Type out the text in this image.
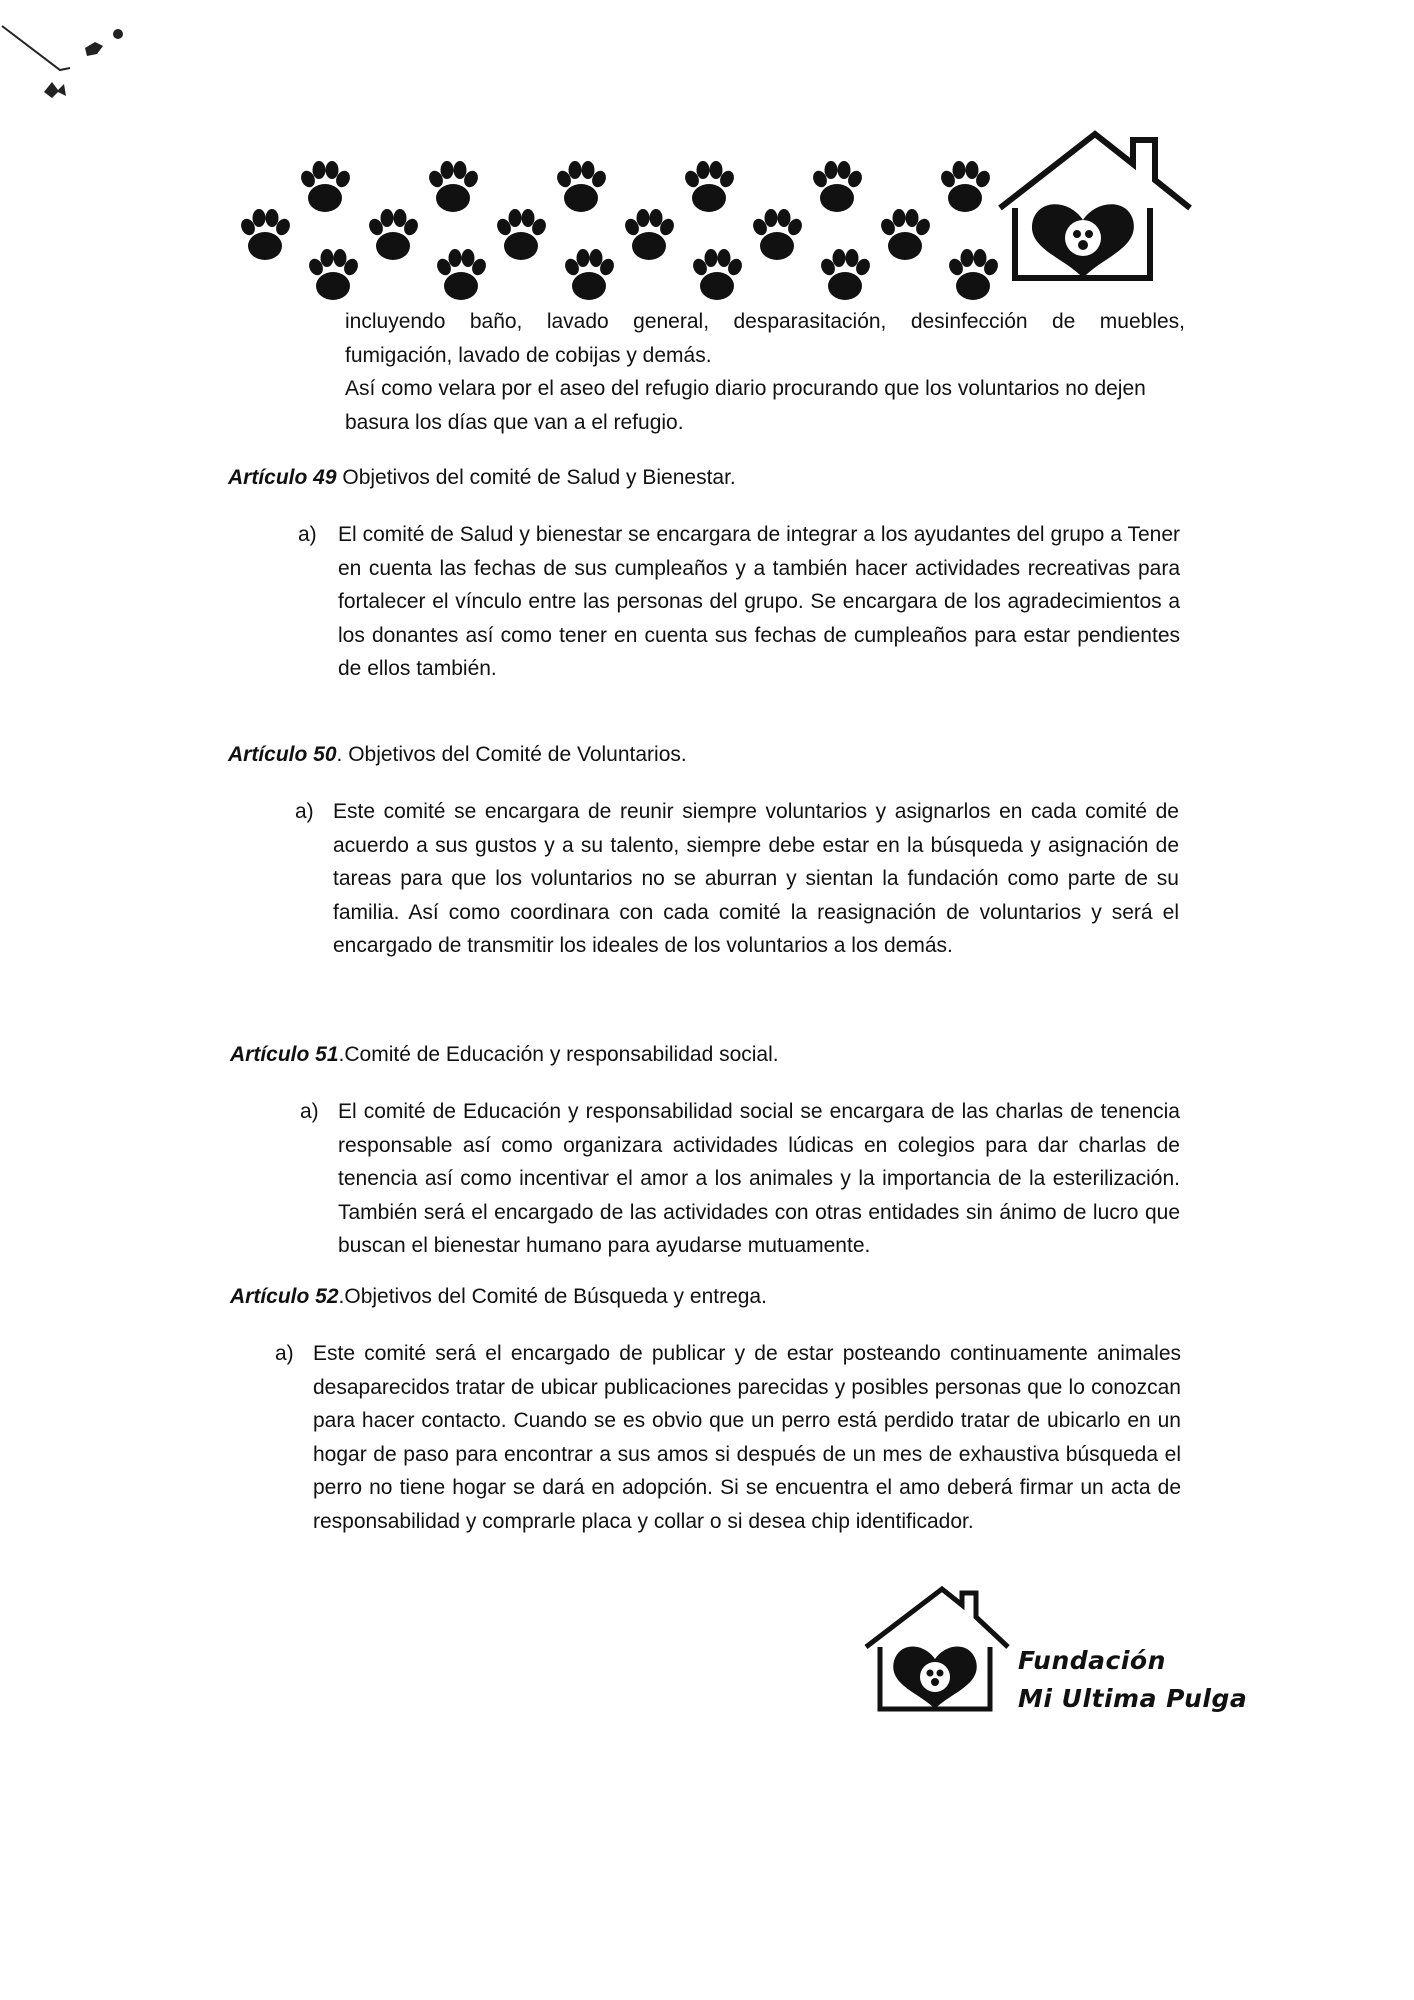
incluyendo baño, lavado general, desparasitación, desinfección de muebles,
fumigación, lavado de cobijas y demás.
Así como velara por el aseo del refugio diario procurando que los voluntarios no dejen
basura los días que van a el refugio.
Artículo 49 Objetivos del comité de Salud y Bienestar.
a) El comité de Salud y bienestar se encargara de integrar a los ayudantes del grupo a Tener en cuenta las fechas de sus cumpleaños y a también hacer actividades recreativas para fortalecer el vínculo entre las personas del grupo. Se encargara de los agradecimientos a los donantes así como tener en cuenta sus fechas de cumpleaños para estar pendientes de ellos también.
Artículo 50. Objetivos del Comité de Voluntarios.
a) Este comité se encargara de reunir siempre voluntarios y asignarlos en cada comité de acuerdo a sus gustos y a su talento, siempre debe estar en la búsqueda y asignación de tareas para que los voluntarios no se aburran y sientan la fundación como parte de su familia. Así como coordinara con cada comité la reasignación de voluntarios y será el encargado de transmitir los ideales de los voluntarios a los demás.
Artículo 51.Comité de Educación y responsabilidad social.
a) El comité de Educación y responsabilidad social se encargara de las charlas de tenencia responsable así como organizara actividades lúdicas en colegios para dar charlas de tenencia así como incentivar el amor a los animales y la importancia de la esterilización. También será el encargado de las actividades con otras entidades sin ánimo de lucro que buscan el bienestar humano para ayudarse mutuamente.
Artículo 52.Objetivos del Comité de Búsqueda y entrega.
a) Este comité será el encargado de publicar y de estar posteando continuamente animales desaparecidos tratar de ubicar publicaciones parecidas y posibles personas que lo conozcan para hacer contacto. Cuando se es obvio que un perro está perdido tratar de ubicarlo en un hogar de paso para encontrar a sus amos si después de un mes de exhaustiva búsqueda el perro no tiene hogar se dará en adopción. Si se encuentra el amo deberá firmar un acta de responsabilidad y comprarle placa y collar o si desea chip identificador.
Fundación
Mi Ultima Pulga
